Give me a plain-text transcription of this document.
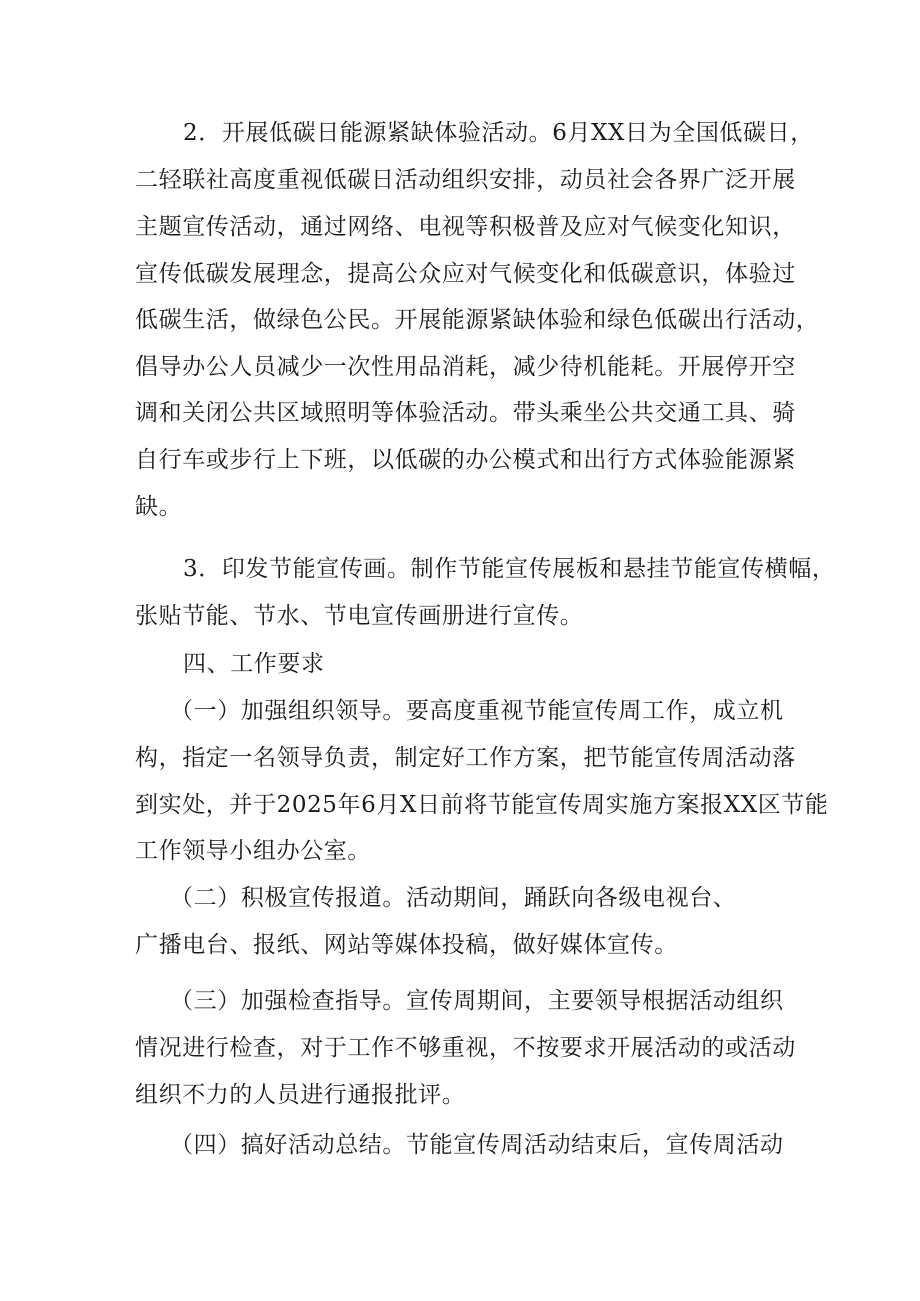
2．开展低碳日能源紧缺体验活动。6月XX日为全国低碳日，
二轻联社高度重视低碳日活动组织安排，动员社会各界广泛开展
主题宣传活动，通过网络、电视等积极普及应对气候变化知识，
宣传低碳发展理念，提高公众应对气候变化和低碳意识，体验过
低碳生活，做绿色公民。开展能源紧缺体验和绿色低碳出行活动，
倡导办公人员减少一次性用品消耗，减少待机能耗。开展停开空
调和关闭公共区域照明等体验活动。带头乘坐公共交通工具、骑
自行车或步行上下班，以低碳的办公模式和出行方式体验能源紧
缺。
3．印发节能宣传画。制作节能宣传展板和悬挂节能宣传横幅，
张贴节能、节水、节电宣传画册进行宣传。
四、工作要求
（一）加强组织领导。要高度重视节能宣传周工作，成立机
构，指定一名领导负责，制定好工作方案，把节能宣传周活动落
到实处，并于2025年6月X日前将节能宣传周实施方案报XX区节能
工作领导小组办公室。
（二）积极宣传报道。活动期间，踊跃向各级电视台、
广播电台、报纸、网站等媒体投稿，做好媒体宣传。
（三）加强检查指导。宣传周期间，主要领导根据活动组织
情况进行检查，对于工作不够重视，不按要求开展活动的或活动
组织不力的人员进行通报批评。
（四）搞好活动总结。节能宣传周活动结束后，宣传周活动
